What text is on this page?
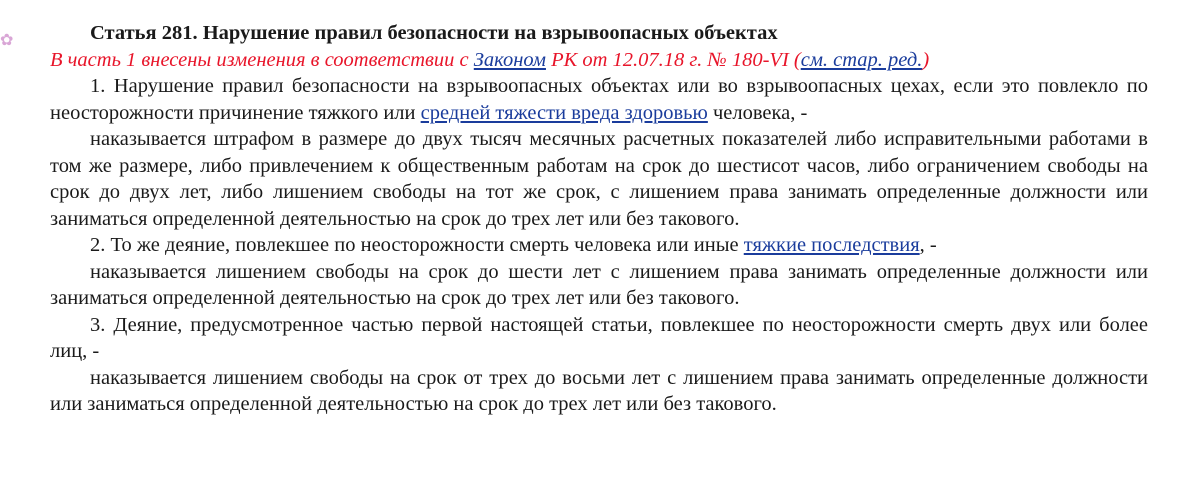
✿	Статья 281. Нарушение правил безопасности на взрывоопасных объектах
В часть 1 внесены изменения в соответствии с Законом РК от 12.07.18 г. № 180-VI (см. стар. ред.)

1. Нарушение правил безопасности на взрывоопасных объектах или во взрывоопасных цехах, если это повлекло по неосторожности причинение тяжкого или средней тяжести вреда здоровью человека, -

наказывается штрафом в размере до двух тысяч месячных расчетных показателей либо исправительными работами в том же размере, либо привлечением к общественным работам на срок до шестисот часов, либо ограничением свободы на срок до двух лет, либо лишением свободы на тот же срок, с лишением права занимать определенные должности или заниматься определенной деятельностью на срок до трех лет или без такового.

2. То же деяние, повлекшее по неосторожности смерть человека или иные тяжкие последствия, -

наказывается лишением свободы на срок до шести лет с лишением права занимать определенные должности или заниматься определенной деятельностью на срок до трех лет или без такового.

3. Деяние, предусмотренное частью первой настоящей статьи, повлекшее по неосторожности смерть двух или более лиц, -

наказывается лишением свободы на срок от трех до восьми лет с лишением права занимать определенные должности или заниматься определенной деятельностью на срок до трех лет или без такового.
